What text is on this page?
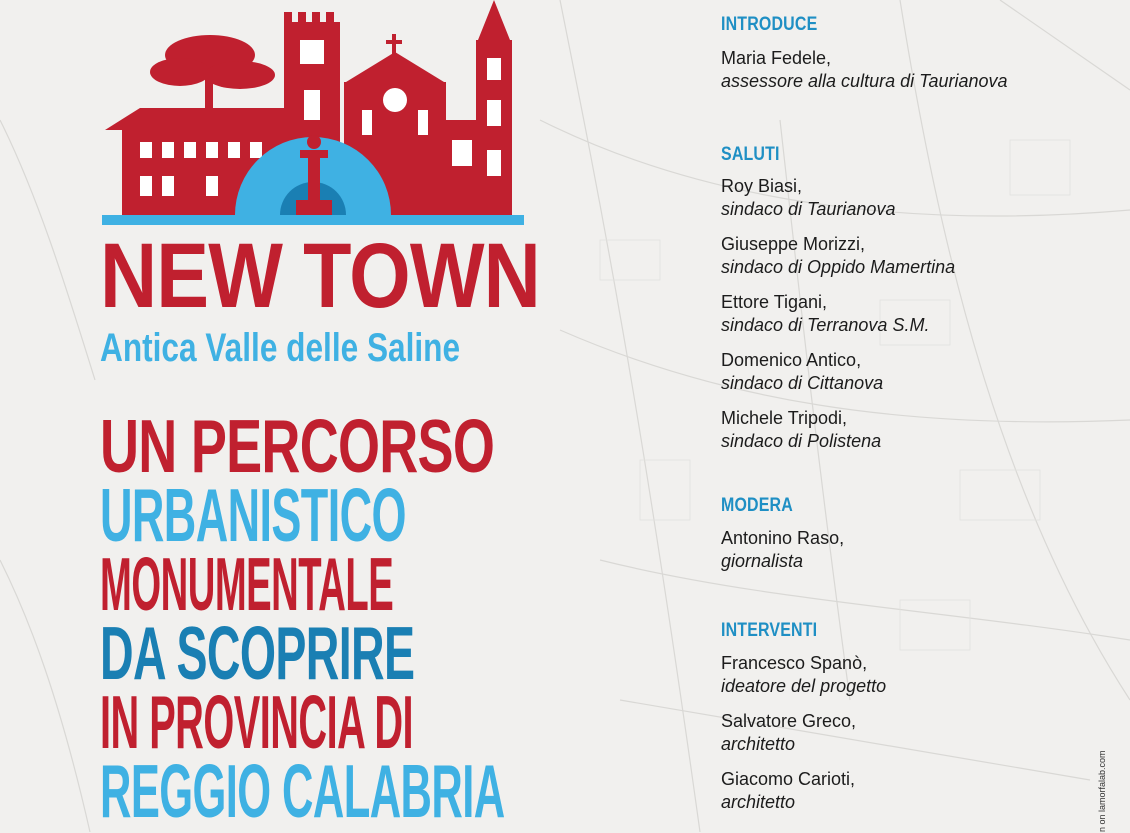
NEW TOWN
Antica Valle delle Saline
UN PERCORSO
URBANISTICO
MONUMENTALE
DA SCOPRIRE
IN PROVINCIA DI
REGGIO CALABRIA
INTRODUCE
Maria Fedele,
assessore alla cultura di Taurianova
SALUTI
Roy Biasi,
sindaco di Taurianova
Giuseppe Morizzi,
sindaco di Oppido Mamertina
Ettore Tigani,
sindaco di Terranova S.M.
Domenico Antico,
sindaco di Cittanova
Michele Tripodi,
sindaco di Polistena
MODERA
Antonino Raso,
giornalista
INTERVENTI
Francesco Spanò,
ideatore del progetto
Salvatore Greco,
architetto
Giacomo Carioti,
architetto	n on lamorfalab.com
